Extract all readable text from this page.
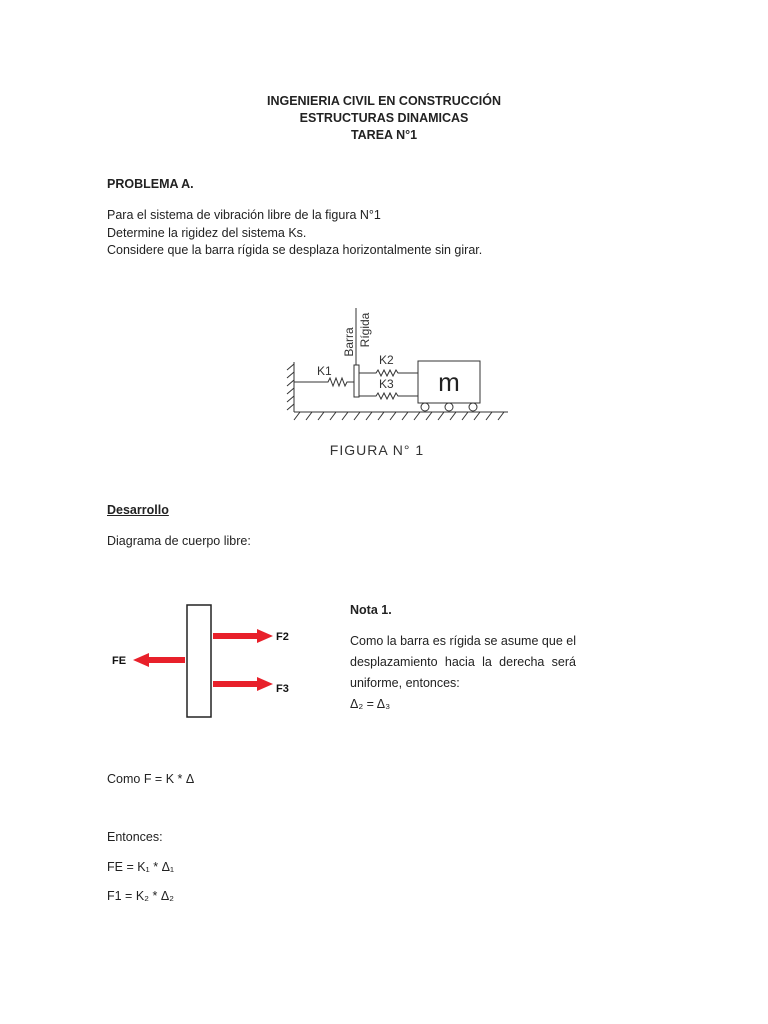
INGENIERIA CIVIL EN CONSTRUCCIÓN
ESTRUCTURAS DINAMICAS
TAREA N°1
PROBLEMA A.
Para el sistema de vibración libre de la figura N°1
Determine la rigidez del sistema Ks.
Considere que la barra rígida se desplaza horizontalmente sin girar.
Barra Rígida
K1
K2
K3 m
FIGURA N° 1
Desarrollo
Diagrama de cuerpo libre:
FE
F2
F3
Nota 1.
Como la barra es rígida se asume que el desplazamiento hacia la derecha será uniforme, entonces:
Δ₂ = Δ₃
Como F = K * Δ
Entonces:
FE = K₁ * Δ₁
F1 = K₂ * Δ₂
